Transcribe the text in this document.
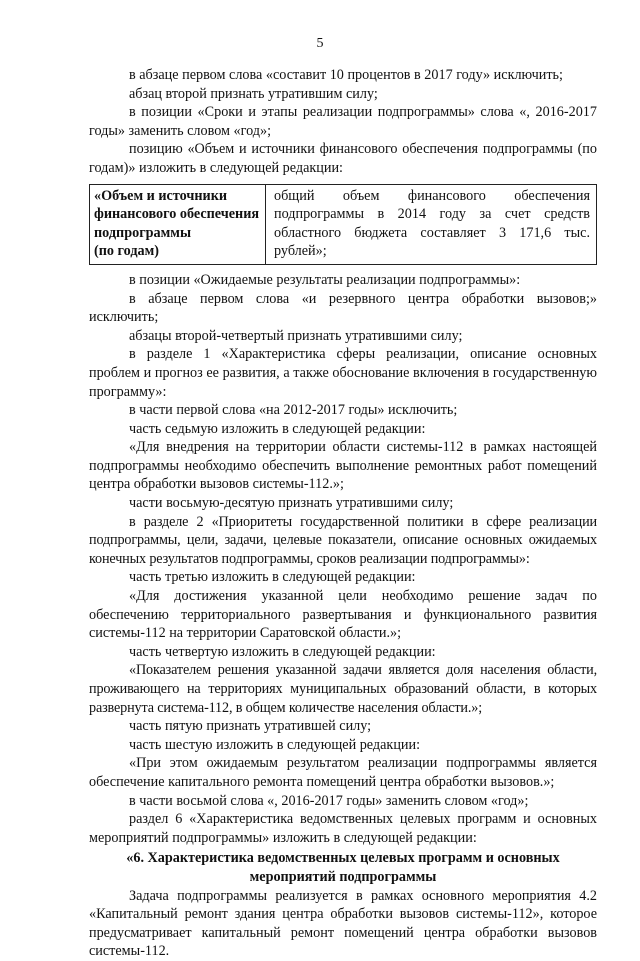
5

в абзаце первом слова «составит 10 процентов в 2017 году» исключить;

абзац второй признать утратившим силу;

в позиции «Сроки и этапы реализации подпрограммы» слова «, 2016-2017 годы» заменить словом «год»;

позицию «Объем и источники финансового обеспечения подпрограммы (по годам)» изложить в следующей редакции:

«Объем и источники
финансового обеспечения
подпрограммы
(по годам)
общий объем финансового обеспечения подпрограммы в 2014 году за счет средств областного бюджета составляет 3 171,6 тыс. рублей»;

в позиции «Ожидаемые результаты реализации подпрограммы»:

в абзаце первом слова «и резервного центра обработки вызовов;» исключить;

абзацы второй-четвертый признать утратившими силу;

в разделе 1 «Характеристика сферы реализации, описание основных проблем и прогноз ее развития, а также обоснование включения в государственную программу»:

в части первой слова «на 2012-2017 годы» исключить;

часть седьмую изложить в следующей редакции:

«Для внедрения на территории области системы-112 в рамках настоящей подпрограммы необходимо обеспечить выполнение ремонтных работ помещений центра обработки вызовов системы-112.»;

части восьмую-десятую признать утратившими силу;

в разделе 2 «Приоритеты государственной политики в сфере реализации подпрограммы, цели, задачи, целевые показатели, описание основных ожидаемых конечных результатов подпрограммы, сроков реализации подпрограммы»:

часть третью изложить в следующей редакции:

«Для достижения указанной цели необходимо решение задач по обеспечению территориального развертывания и функционального развития системы-112 на территории Саратовской области.»;

часть четвертую изложить в следующей редакции:

«Показателем решения указанной задачи является доля населения области, проживающего на территориях муниципальных образований области, в которых развернута система-112, в общем количестве населения области.»;

часть пятую признать утратившей силу;

часть шестую изложить в следующей редакции:

«При этом ожидаемым результатом реализации подпрограммы является обеспечение капитального ремонта помещений центра обработки вызовов.»;

в части восьмой слова «, 2016-2017 годы» заменить словом «год»;

раздел 6 «Характеристика ведомственных целевых программ и основных мероприятий подпрограммы» изложить в следующей редакции:

«6. Характеристика ведомственных целевых программ и основных мероприятий подпрограммы

Задача подпрограммы реализуется в рамках основного мероприятия 4.2 «Капитальный ремонт здания центра обработки вызовов системы-112», которое предусматривает капитальный ремонт помещений центра обработки вызовов системы-112.
